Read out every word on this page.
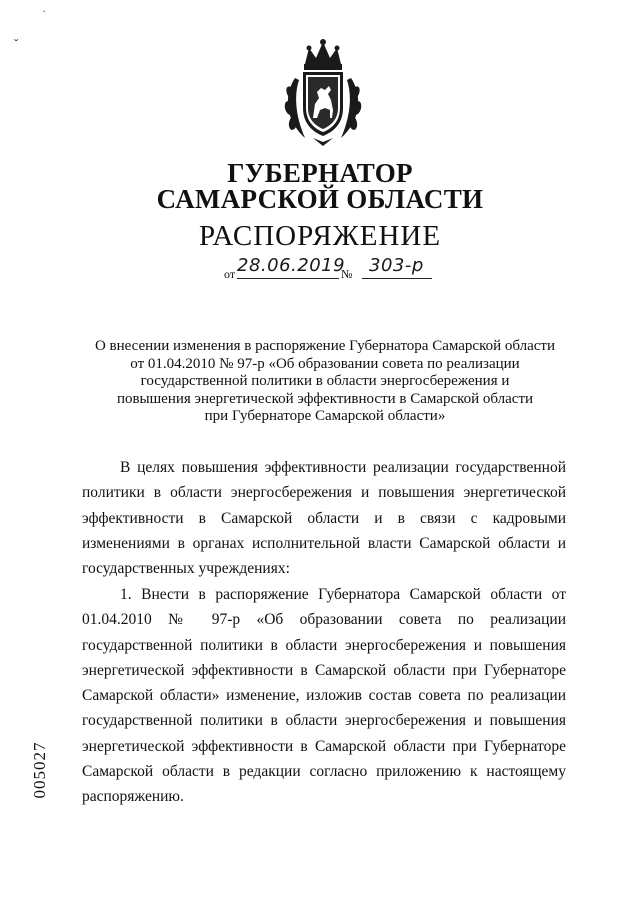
˙
ˇ
ГУБЕРНАТОР
САМАРСКОЙ ОБЛАСТИ
РАСПОРЯЖЕНИЕ
от 28.06.2019
№ 303-р

О внесении изменения в распоряжение Губернатора Самарской области
от 01.04.2010 № 97-р «Об образовании совета по реализации
государственной политики в области энергосбережения и
повышения энергетической эффективности в Самарской области
при Губернаторе Самарской области»

В целях повышения эффективности реализации государственной политики в области энергосбережения и повышения энергетической эффективности в Самарской области и в связи с кадровыми изменениями в органах исполнительной власти Самарской области и государственных учреждениях:

1. Внести в распоряжение Губернатора Самарской области от 01.04.2010 № 97-р «Об образовании совета по реализации государственной политики в области энергосбережения и повышения энергетической эффективности в Самарской области при Губернаторе Самарской области» изменение, изложив состав совета по реализации государственной политики в области энергосбережения и повышения энергетической эффективности в Самарской области при Губернаторе Самарской области в редакции согласно приложению к настоящему распоряжению.

005027
